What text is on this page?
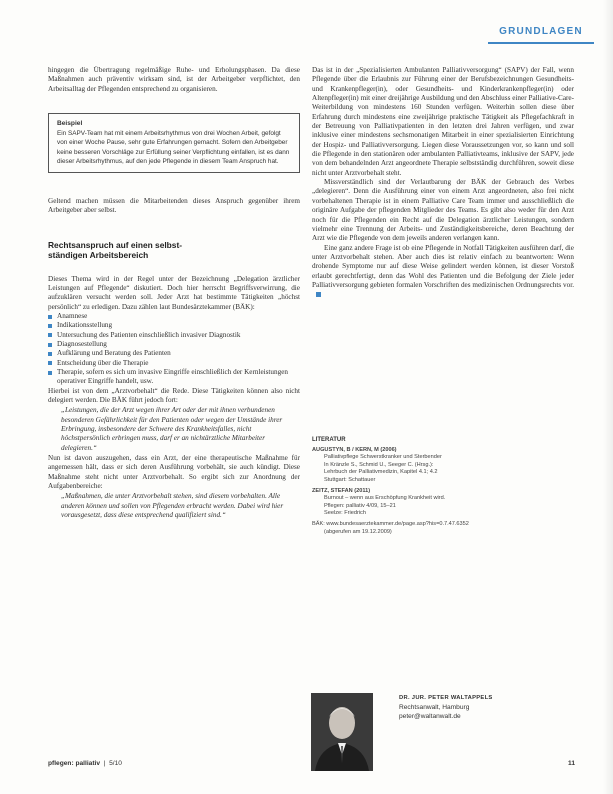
GRUNDLAGEN

hingegen die Übertragung regelmäßige Ruhe- und Erholungsphasen. Da diese Maßnahmen auch präventiv wirksam sind, ist der Arbeitgeber verpflichtet, den Arbeitsalltag der Pflegenden entsprechend zu organisieren.

Beispiel

Ein SAPV-Team hat mit einem Arbeitsrhythmus von drei Wochen Arbeit, gefolgt von einer Woche Pause, sehr gute Erfahrungen gemacht. Sofern den Arbeitgeber keine besseren Vorschläge zur Erfüllung seiner Verpflichtung einfallen, ist es dann dieser Arbeitsrhythmus, auf den jede Pflegende in diesem Team Anspruch hat.

Geltend machen müssen die Mitarbeitenden dieses Anspruch gegenüber ihrem Arbeitgeber aber selbst.

Rechtsanspruch auf einen selbst-
ständigen Arbeitsbereich

Dieses Thema wird in der Regel unter der Bezeichnung „Delegation ärztlicher Leistungen auf Pflegende“ diskutiert. Doch hier herrscht Begriffsverwirrung, die aufzuklären versucht werden soll. Jeder Arzt hat bestimmte Tätigkeiten „höchst persönlich“ zu erledigen. Dazu zählen laut Bundesärztekammer (BÄK):

Anamnese
Indikationsstellung
Untersuchung des Patienten einschließlich invasiver Diagnostik
Diagnosestellung
Aufklärung und Beratung des Patienten
Entscheidung über die Therapie
Therapie, sofern es sich um invasive Eingriffe einschließlich der Kernleistungen operativer Eingriffe handelt, usw.

Hierbei ist von dem „Arztvorbehalt“ die Rede. Diese Tätigkeiten können also nicht delegiert werden. Die BÄK führt jedoch fort:

„Leistungen, die der Arzt wegen ihrer Art oder der mit ihnen verbundenen besonderen Gefährlichkeit für den Patienten oder wegen der Umstände ihrer Erbringung, insbesondere der Schwere des Krankheitsfalles, nicht höchstpersönlich erbringen muss, darf er an nichtärztliche Mitarbeiter delegieren.“

Nun ist davon auszugehen, dass ein Arzt, der eine therapeutische Maßnahme für angemessen hält, dass er sich deren Ausführung vorbehält, sie auch kündigt. Diese Maßnahme steht nicht unter Arztvorbehalt. So ergibt sich zur Anordnung der Aufgabenbereiche:

„Maßnahmen, die unter Arztvorbehalt stehen, sind diesem vorbehalten. Alle anderen können und sollen von Pflegenden erbracht werden. Dabei wird hier vorausgesetzt, dass diese entsprechend qualifiziert sind.“

Das ist in der „Spezialisierten Ambulanten Palliativversorgung“ (SAPV) der Fall, wenn Pflegende über die Erlaubnis zur Führung einer der Berufsbezeichnungen Gesundheits- und Krankenpfleger(in), oder Gesundheits- und Kinderkrankenpfleger(in) oder Altenpfleger(in) mit einer dreijährige Ausbildung und den Abschluss einer Palliative-Care-Weiterbildung von mindestens 160 Stunden verfügen. Weiterhin sollen diese über Erfahrung durch mindestens eine zweijährige praktische Tätigkeit als Pflegefachkraft in der Betreuung von Palliativpatienten in den letzten drei Jahren verfügen, und zwar inklusive einer mindestens sechsmonatigen Mitarbeit in einer spezialisierten Einrichtung der Hospiz- und Palliativversorgung. Liegen diese Voraussetzungen vor, so kann und soll die Pflegende in den stationären oder ambulanten Palliativteams, inklusive der SAPV, jede von dem behandelnden Arzt angeordnete Therapie selbstständig durchführen, soweit diese nicht unter Arztvorbehalt steht.

Missverständlich sind der Verlautbarung der BÄK der Gebrauch des Verbes „delegieren“. Denn die Ausführung einer von einem Arzt angeordneten, also frei nicht vorbehaltenen Therapie ist in einem Palliative Care Team immer und ausschließlich die originäre Aufgabe der pflegenden Mitglieder des Teams. Es gibt also weder für den Arzt noch für die Pflegenden ein Recht auf die Delegation ärztlicher Leistungen, sondern vielmehr eine Trennung der Arbeits- und Zuständigkeitsbereiche, deren Beachtung der Arzt wie die Pflegende von dem jeweils anderen verlangen kann.

Eine ganz andere Frage ist ob eine Pflegende in Notfall Tätigkeiten ausführen darf, die unter Arztvorbehalt stehen. Aber auch dies ist relativ einfach zu beantworten: Wenn drohende Symptome nur auf diese Weise gelindert werden können, ist dieser Vorstoß erlaubt gerechtfertigt, denn das Wohl des Patienten und die Befolgung der Ziele jeder Palliativversorgung gebieten formalen Vorschriften des medizinischen Ordnungsrechts vor.

LITERATUR
AUGUSTYN, B / KERN, M (2006)
Palliativpflege Schwerstkranker und Sterbender
In Kränzle S., Schmid U., Seeger C. (Hrsg.):
Lehrbuch der Palliativmedizin, Kapitel 4.1; 4.2
Stuttgart: Schattauer
ZEITZ, STEFAN (2011)
Burnout – wenn aus Erschöpfung Krankheit wird.
Pflegen: palliativ 4/09, 15–21
Seelze: Friedrich
BÄK: www.bundesaerztekammer.de/page.asp?his=0.7.47.6352
(abgerufen am 19.12.2009)
DR. JUR. PETER WALTAPPELS
Rechtsanwalt, Hamburg
peter@waltanwalt.de
pflegen: palliativ  |  5/10	11
